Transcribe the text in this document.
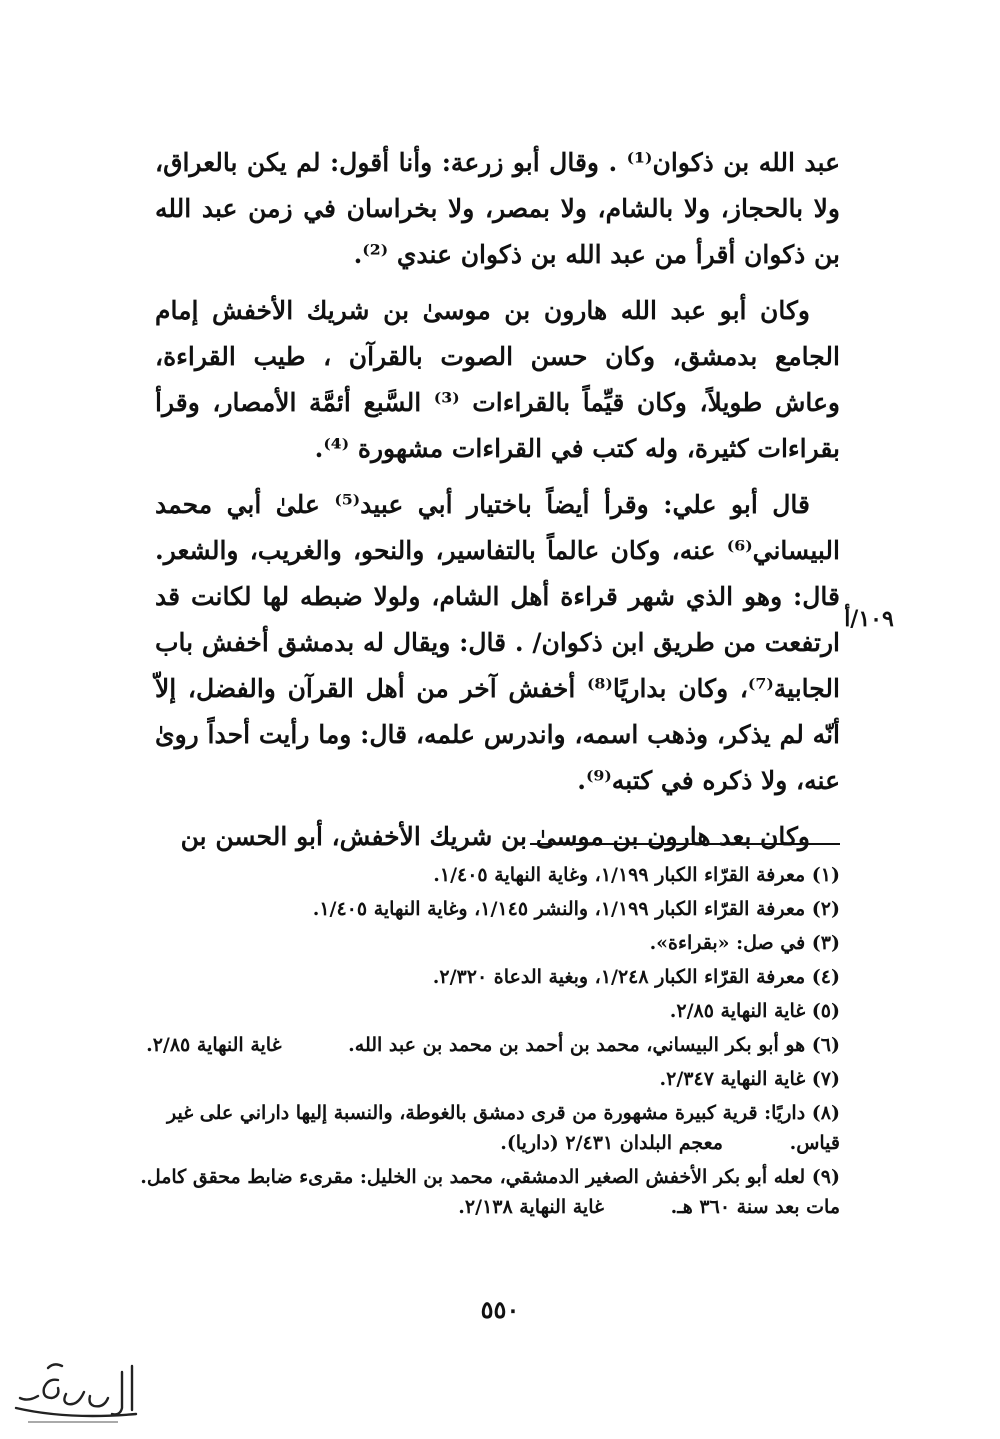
عبد الله بن ذكوان⁽¹⁾ . وقال أبو زرعة: وأنا أقول: لم يكن بالعراق، ولا بالحجاز، ولا بالشام، ولا بمصر، ولا بخراسان في زمن عبد الله بن ذكوان أقرأ من عبد الله بن ذكوان عندي ⁽²⁾.

وكان أبو عبد الله هارون بن موسىٰ بن شريك الأخفش إمام الجامع بدمشق، وكان حسن الصوت بالقرآن ، طيب القراءة، وعاش طويلاً، وكان قيِّماً بالقراءات ⁽³⁾ السَّبع أئمَّة الأمصار، وقرأ بقراءات كثيرة، وله كتب في القراءات مشهورة ⁽⁴⁾.

قال أبو علي: وقرأ أيضاً باختيار أبي عبيد⁽⁵⁾ علىٰ أبي محمد البيساني⁽⁶⁾ عنه، وكان عالماً بالتفاسير، والنحو، والغريب، والشعر. قال: وهو الذي شهر قراءة أهل الشام، ولولا ضبطه لها لكانت قد ارتفعت من طريق ابن ذكوان/ . قال: ويقال له بدمشق أخفش باب الجابية⁽⁷⁾، وكان بداريًا⁽⁸⁾ أخفش آخر من أهل القرآن والفضل، إلاّ أنّه لم يذكر، وذهب اسمه، واندرس علمه، قال: وما رأيت أحداً روىٰ عنه، ولا ذكره في كتبه⁽⁹⁾.

وكان بعد هارون بن موسىٰ بن شريك الأخفش، أبو الحسن بن

١٠٩/أ
(١) معرفة القرّاء الكبار ١/١٩٩، وغاية النهاية ١/٤٠٥.
(٢) معرفة القرّاء الكبار ١/١٩٩، والنشر ١/١٤٥، وغاية النهاية ١/٤٠٥.
(٣) في صل: «بقراءة».
(٤) معرفة القرّاء الكبار ١/٢٤٨، وبغية الدعاة ٢/٣٢٠.
(٥) غاية النهاية ٢/٨٥.
(٦) هو أبو بكر البيساني، محمد بن أحمد بن محمد بن عبد الله. غاية النهاية ٢/٨٥.
(٧) غاية النهاية ٢/٣٤٧.
(٨) داريًا: قرية كبيرة مشهورة من قرى دمشق بالغوطة، والنسبة إليها داراني على غير قياس. معجم البلدان ٢/٤٣١ (داريا).
(٩) لعله أبو بكر الأخفش الصغير الدمشقي، محمد بن الخليل: مقرىء ضابط محقق كامل. مات بعد سنة ٣٦٠ هـ. غاية النهاية ٢/١٣٨.
٥٥٠
